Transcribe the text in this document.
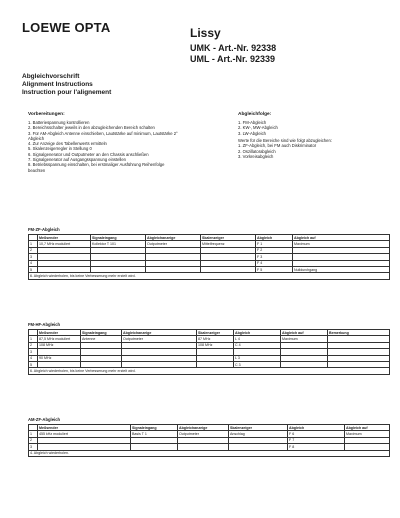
LOEWE OPTA	Lissy
UMK - Art.-Nr. 92338
UML - Art.-Nr. 92339
Abgleichvorschrift
Alignment Instructions
Instruction pour l'alignement
Vorbereitungen:
1. Batteriespannung kontrollieren
2. Bereichsschalter jeweils in den abzugleichenden Bereich schalten
3. Für AM-Abgleich Antenne einschieben, Lautstärke auf minimum, Lautstärke 2° Abgleich
4. Zur Anzeige des Tabellenwerts ermitteln
5. Skalenzeigerregler in Stellung 0
6. Signalgenerator und Outputmeter an den Chassis anschließen
7. Signalgenerator auf Ausgangsspannung einstellen
8. Betriebsspannung einschalten, bei erstmaliger Ausführung Reihenfolge beachten
Abgleichfolge:
1. FM-Abgleich
2. KW-, MW-Abgleich
3. LW-Abgleich
Werte für die Bereiche sind wie folgt abzugleichen:
1. ZF-Abgleich, bei FM auch Diskriminator
2. Oszillatorabgleich
3. Vorkreisabgleich
FM-ZF-Abgleich
	Meßsender	Signaleingang	Abgleichanzeige	Skalenzeiger	Abgleich	Abgleich auf
1	10,7 MHz moduliert	Kollektor T 101	Outputmeter	Mittelfrequenz	F 1	Maximum
2					F 2	
3					F 3	
4					F 4	
5					F 5	Nulldurchgang
6. Abgleich wiederholen, bis keine Verbesserung mehr erzielt wird.						
FM-HF-Abgleich
	Meßsender	Signaleingang	Abgleichanzeige	Skalenzeiger	Abgleich	Abgleich auf	Bemerkung
1	87,5 MHz moduliert	Antenne	Outputmeter	87 MHz	L 4	Maximum	
2	108 MHz			108 MHz	C 4		
3							
4	90 MHz				L 3		
5					C 3		
6. Abgleich wiederholen, bis keine Verbesserung mehr erzielt wird.							
AM-ZF-Abgleich
	Meßsender	Signaleingang	Abgleichanzeige	Skalenzeiger	Abgleich	Abgleich auf
1	455 kHz moduliert	Basis T 1	Outputmeter	Anschlag	F 6	Maximum
2					F 7	
3					F 8	
4. Abgleich wiederholen.						
